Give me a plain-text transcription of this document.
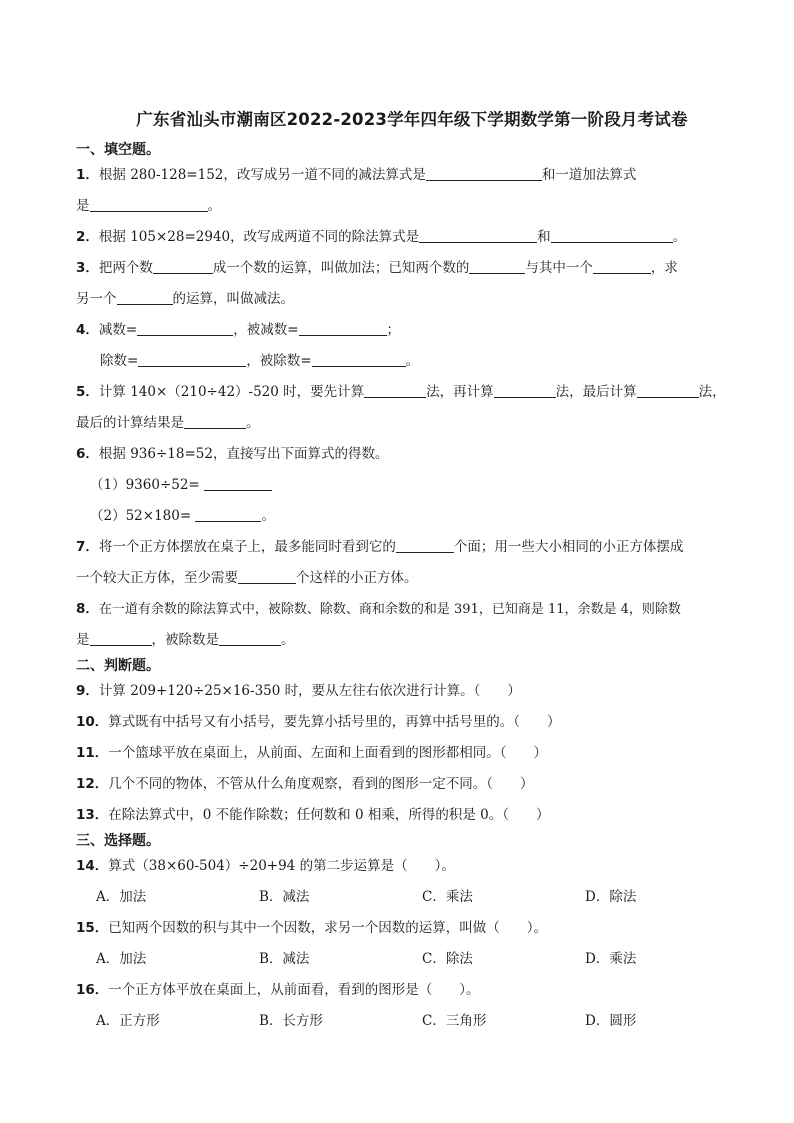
广东省汕头市潮南区2022-2023学年四年级下学期数学第一阶段月考试卷
一、填空题。
1．根据 280-128=152，改写成另一道不同的减法算式是	和一道加法算式
是	。
2．根据 105×28=2940，改写成两道不同的除法算式是	和	。
3．把两个数	成一个数的运算，叫做加法；已知两个数的	与其中一个	，求
另一个	的运算，叫做减法。
4．减数=	，被减数=	；
除数=	，被除数=	。
5．计算 140×（210÷42）-520 时，要先计算	法，再计算	法，最后计算	法，
最后的计算结果是	。
6．根据 936÷18=52，直接写出下面算式的得数。
（1）9360÷52=
（2）52×180=	。
7．将一个正方体摆放在桌子上，最多能同时看到它的	个面；用一些大小相同的小正方体摆成
一个较大正方体，至少需要	个这样的小正方体。
8．在一道有余数的除法算式中，被除数、除数、商和余数的和是 391，已知商是 11，余数是 4，则除数
是	，被除数是	。
二、判断题。
9．计算 209+120÷25×16-350 时，要从左往右依次进行计算。（　　）
10．算式既有中括号又有小括号，要先算小括号里的，再算中括号里的。（　　）
11．一个篮球平放在桌面上，从前面、左面和上面看到的图形都相同。（　　）
12．几个不同的物体，不管从什么角度观察，看到的图形一定不同。（　　）
13．在除法算式中，0 不能作除数；任何数和 0 相乘，所得的积是 0。（　　）
三、选择题。
14．算式（38×60-504）÷20+94 的第二步运算是（　　）。
A．加法	B．减法	C．乘法	D．除法
15．已知两个因数的积与其中一个因数，求另一个因数的运算，叫做（　　）。
A．加法	B．减法	C．除法	D．乘法
16．一个正方体平放在桌面上，从前面看，看到的图形是（　　）。
A．正方形	B．长方形	C．三角形	D．圆形
